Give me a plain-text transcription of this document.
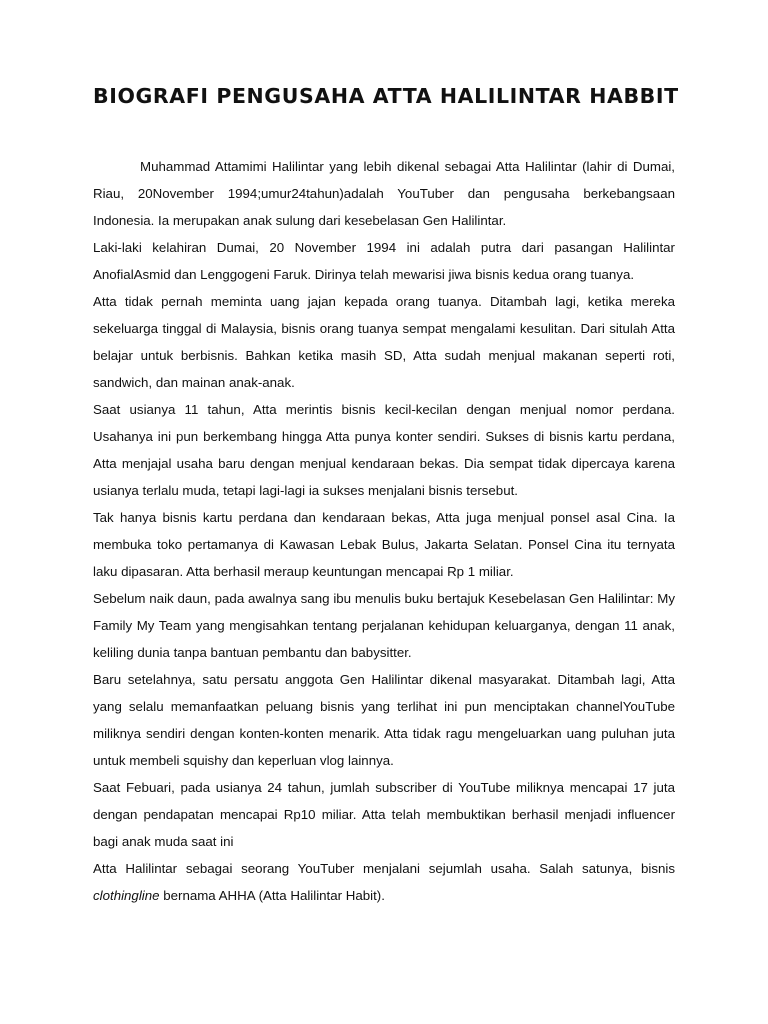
BIOGRAFI PENGUSAHA ATTA HALILINTAR HABBIT

Muhammad Attamimi Halilintar yang lebih dikenal sebagai Atta Halilintar (lahir di Dumai, Riau, 20November 1994;umur24tahun)adalah YouTuber dan pengusaha berkebangsaan Indonesia. Ia merupakan anak sulung dari kesebelasan Gen Halilintar.

Laki-laki kelahiran Dumai, 20 November 1994 ini adalah putra dari pasangan Halilintar AnofialAsmid dan Lenggogeni Faruk. Dirinya telah mewarisi jiwa bisnis kedua orang tuanya.

Atta tidak pernah meminta uang jajan kepada orang tuanya. Ditambah lagi, ketika mereka sekeluarga tinggal di Malaysia, bisnis orang tuanya sempat mengalami kesulitan. Dari situlah Atta belajar untuk berbisnis. Bahkan ketika masih SD, Atta sudah menjual makanan seperti roti, sandwich, dan mainan anak-anak.

Saat usianya 11 tahun, Atta merintis bisnis kecil-kecilan dengan menjual nomor perdana. Usahanya ini pun berkembang hingga Atta punya konter sendiri. Sukses di bisnis kartu perdana, Atta menjajal usaha baru dengan menjual kendaraan bekas. Dia sempat tidak dipercaya karena usianya terlalu muda, tetapi lagi-lagi ia sukses menjalani bisnis tersebut.

Tak hanya bisnis kartu perdana dan kendaraan bekas, Atta juga menjual ponsel asal Cina. Ia membuka toko pertamanya di Kawasan Lebak Bulus, Jakarta Selatan. Ponsel Cina itu ternyata laku dipasaran. Atta berhasil meraup keuntungan mencapai Rp 1 miliar.

Sebelum naik daun, pada awalnya sang ibu menulis buku bertajuk Kesebelasan Gen Halilintar: My Family My Team yang mengisahkan tentang perjalanan kehidupan keluarganya, dengan 11 anak, keliling dunia tanpa bantuan pembantu dan babysitter.

Baru setelahnya, satu persatu anggota Gen Halilintar dikenal masyarakat. Ditambah lagi, Atta yang selalu memanfaatkan peluang bisnis yang terlihat ini pun menciptakan channelYouTube miliknya sendiri dengan konten-konten menarik. Atta tidak ragu mengeluarkan uang puluhan juta untuk membeli squishy dan keperluan vlog lainnya.

Saat Febuari, pada usianya 24 tahun, jumlah subscriber di YouTube miliknya mencapai 17 juta dengan pendapatan mencapai Rp10 miliar. Atta telah membuktikan berhasil menjadi influencer bagi anak muda saat ini

Atta Halilintar sebagai seorang YouTuber menjalani sejumlah usaha. Salah satunya, bisnis clothingline bernama AHHA (Atta Halilintar Habit).
